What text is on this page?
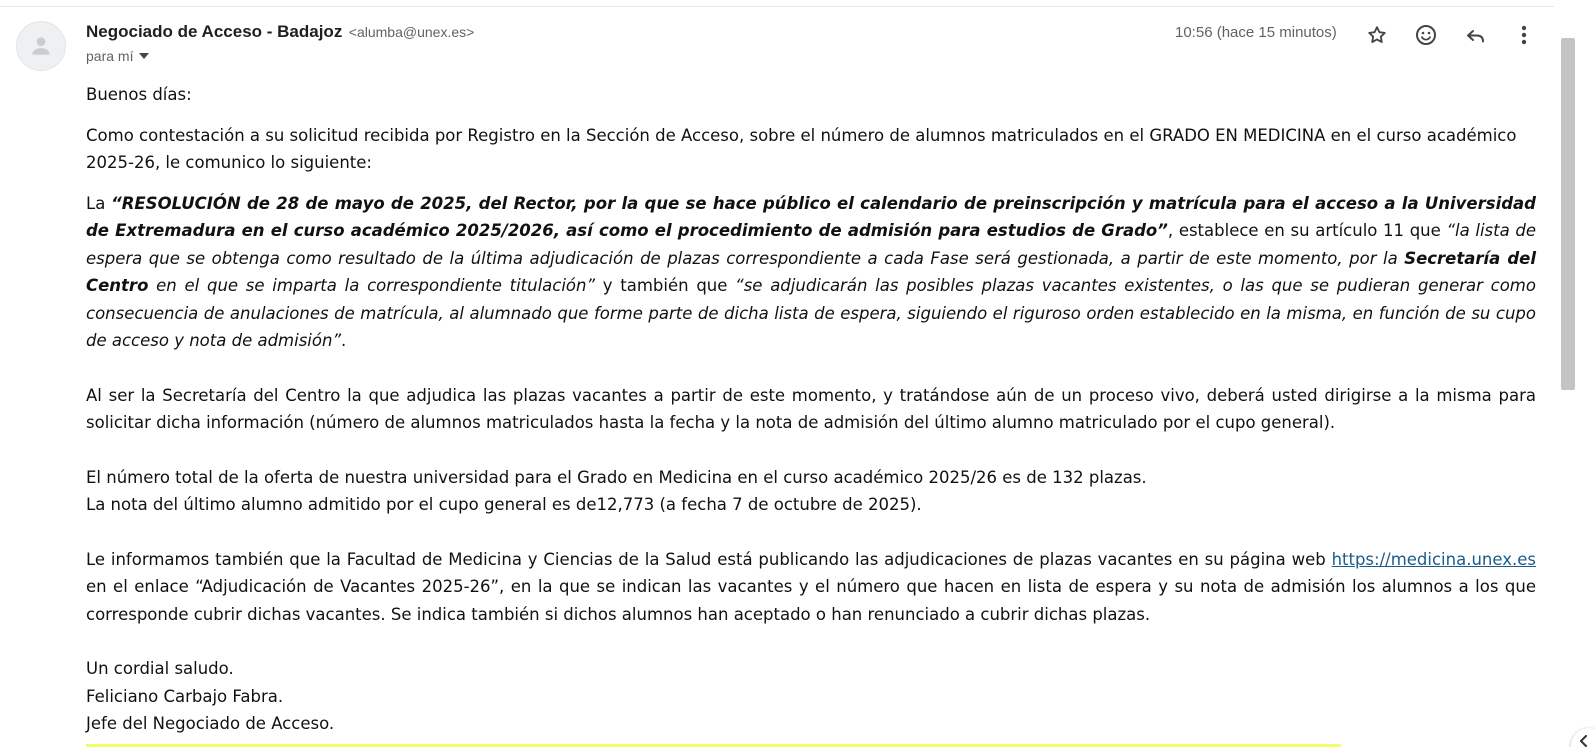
Negociado de Acceso - Badajoz <alumba@unex.es>
para mí
10:56 (hace 15 minutos)

Buenos días:

Como contestación a su solicitud recibida por Registro en la Sección de Acceso, sobre el número de alumnos matriculados en el GRADO EN MEDICINA en el curso académico 2025-26, le comunico lo siguiente:

La “RESOLUCIÓN de 28 de mayo de 2025, del Rector, por la que se hace público el calendario de preinscripción y matrícula para el acceso a la Universidad de Extremadura en el curso académico 2025/2026, así como el procedimiento de admisión para estudios de Grado”, establece en su artículo 11 que “la lista de espera que se obtenga como resultado de la última adjudicación de plazas correspondiente a cada Fase será gestionada, a partir de este momento, por la Secretaría del Centro en el que se imparta la correspondiente titulación” y también que “se adjudicarán las posibles plazas vacantes existentes, o las que se pudieran generar como consecuencia de anulaciones de matrícula, al alumnado que forme parte de dicha lista de espera, siguiendo el riguroso orden establecido en la misma, en función de su cupo de acceso y nota de admisión”.

Al ser la Secretaría del Centro la que adjudica las plazas vacantes a partir de este momento, y tratándose aún de un proceso vivo, deberá usted dirigirse a la misma para solicitar dicha información (número de alumnos matriculados hasta la fecha y la nota de admisión del último alumno matriculado por el cupo general).

El número total de la oferta de nuestra universidad para el Grado en Medicina en el curso académico 2025/26 es de 132 plazas.

La nota del último alumno admitido por el cupo general es de12,773 (a fecha 7 de octubre de 2025).

Le informamos también que la Facultad de Medicina y Ciencias de la Salud está publicando las adjudicaciones de plazas vacantes en su página web https://medicina.unex.es en el enlace “Adjudicación de Vacantes 2025-26”, en la que se indican las vacantes y el número que hacen en lista de espera y su nota de admisión los alumnos a los que corresponde cubrir dichas vacantes. Se indica también si dichos alumnos han aceptado o han renunciado a cubrir dichas plazas.

Un cordial saludo.

Feliciano Carbajo Fabra.

Jefe del Negociado de Acceso.
